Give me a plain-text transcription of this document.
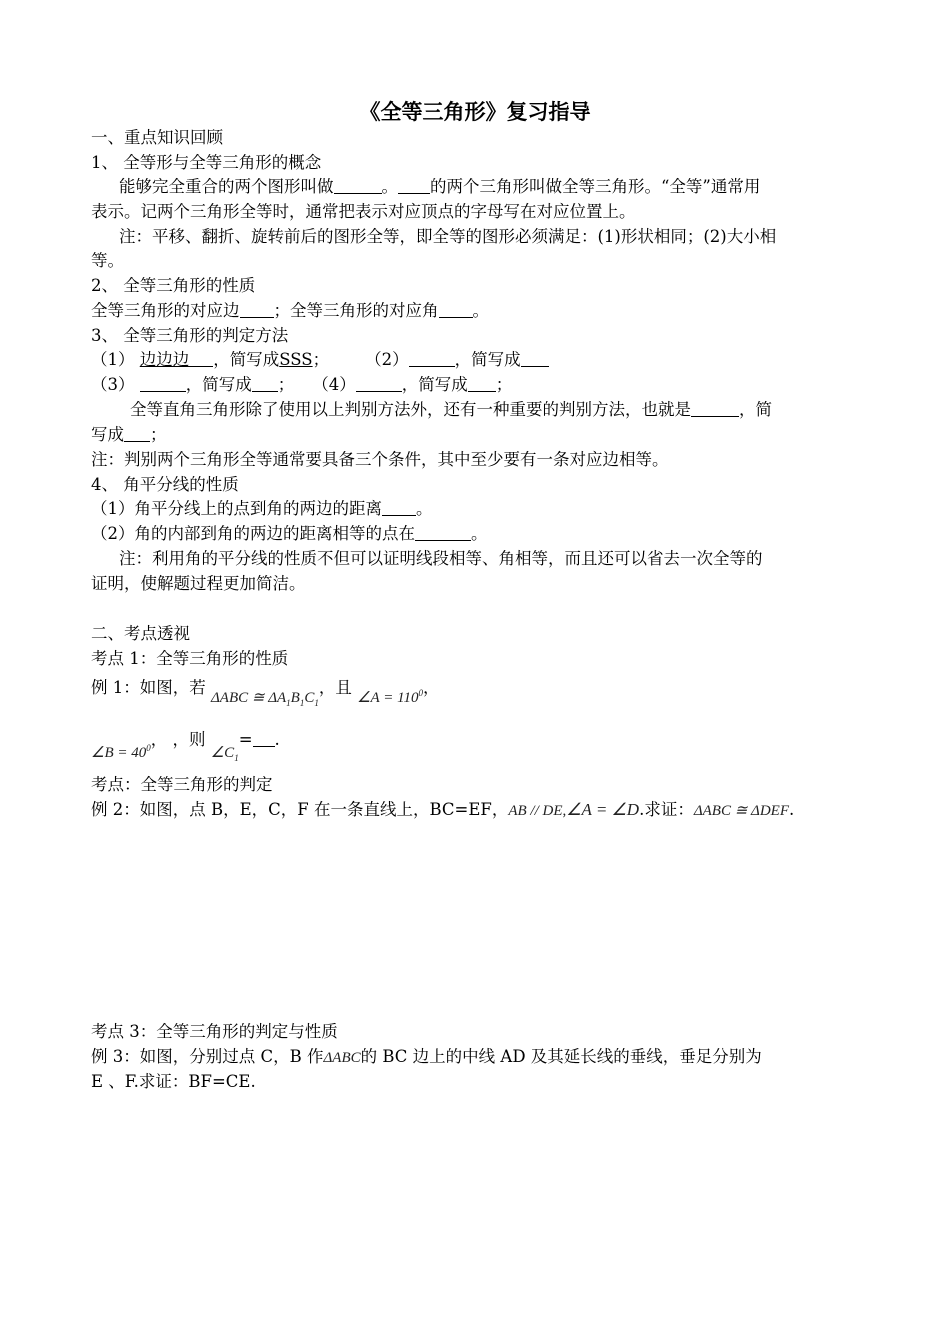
《全等三角形》复习指导
一、重点知识回顾
1、 全等形与全等三角形的概念
能够完全重合的两个图形叫做	。 的两个三角形叫做全等三角形。“全等”通常用
表示。记两个三角形全等时，通常把表示对应顶点的字母写在对应位置上。
注：平移、翻折、旋转前后的图形全等，即全等的图形必须满足：(1)形状相同；(2)大小相
等。
2、 全等三角形的性质
全等三角形的对应边 ；全等三角形的对应角 。
3、 全等三角形的判定方法
（1） 边边边 ，简写成SSS； （2）	，简写成
（3）	，简写成 ； （4）	，简写成 ；
全等直角三角形除了使用以上判别方法外，还有一种重要的判别方法，也就是	，简
写成 ；
注：判别两个三角形全等通常要具备三个条件，其中至少要有一条对应边相等。
4、 角平分线的性质
（1）角平分线上的点到角的两边的距离 。
（2）角的内部到角的两边的距离相等的点在	。
注：利用角的平分线的性质不但可以证明线段相等、角相等，而且还可以省去一次全等的
证明，使解题过程更加简洁。
二、考点透视
考点 1：全等三角形的性质
例 1：如图，若 ΔABC ≅ $\Delta A_1B_1C_1$，且 ∠A = $110^0$，
∠B = $40^0$， ，则 $\angle C_1=$ .
考点：全等三角形的判定
例 2：如图，点 B，E，C，F 在一条直线上，BC=EF，AB // DE,∠A = ∠D.求证：ΔABC ≅ ΔDEF.
考点 3：全等三角形的判定与性质
例 3：如图，分别过点 C，B 作ΔABC的 BC 边上的中线 AD 及其延长线的垂线，垂足分别为
E 、F.求证：BF=CE.
